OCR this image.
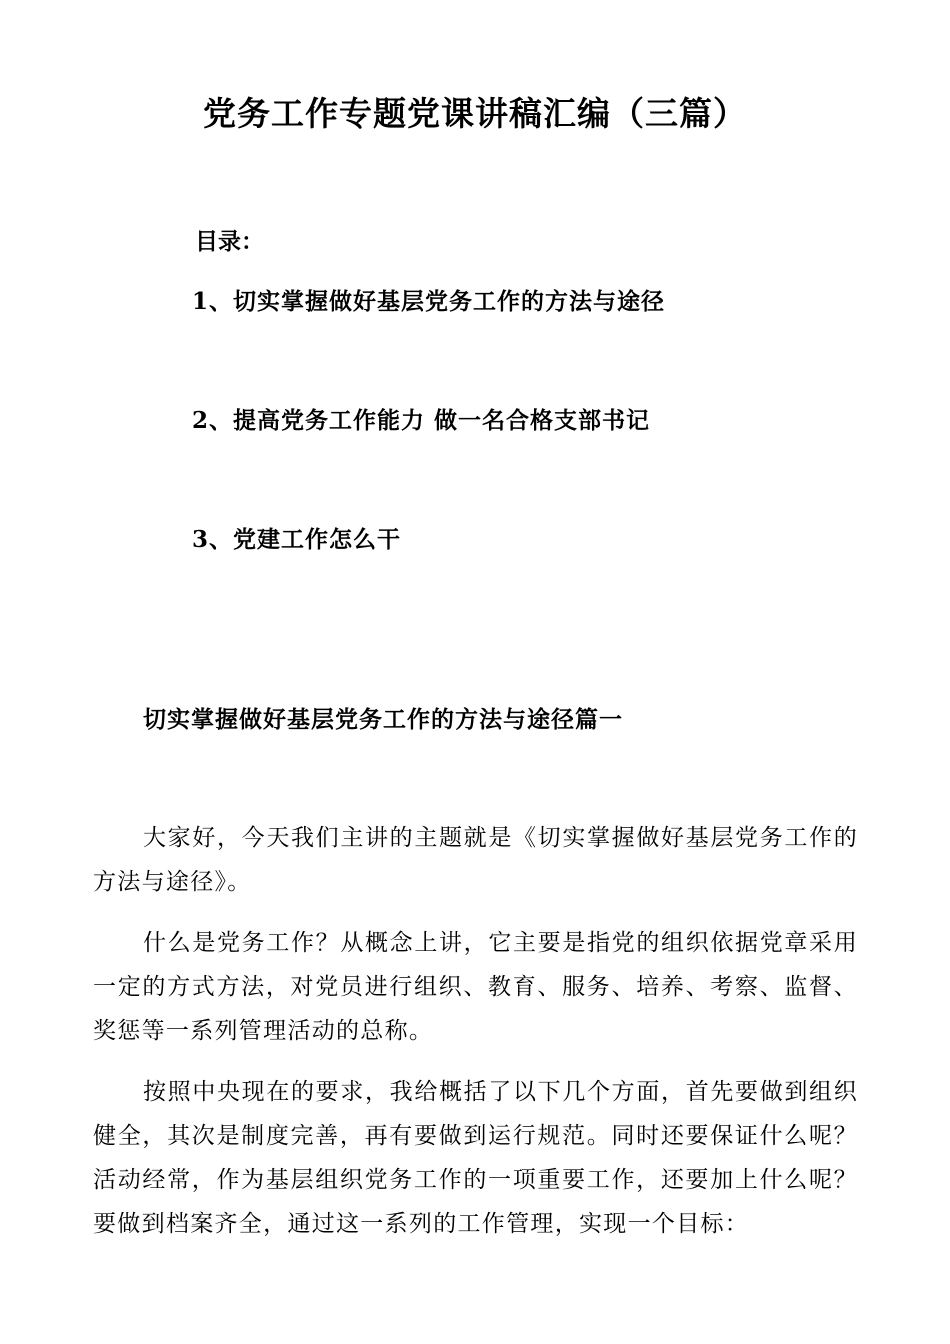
党务工作专题党课讲稿汇编（三篇）

目录：

1、切实掌握做好基层党务工作的方法与途径

2、提高党务工作能力 做一名合格支部书记

3、党建工作怎么干

切实掌握做好基层党务工作的方法与途径篇一

大家好，今天我们主讲的主题就是《切实掌握做好基层党务工作的方法与途径》。

什么是党务工作？从概念上讲，它主要是指党的组织依据党章采用一定的方式方法，对党员进行组织、教育、服务、培养、考察、监督、奖惩等一系列管理活动的总称。

按照中央现在的要求，我给概括了以下几个方面，首先要做到组织健全，其次是制度完善，再有要做到运行规范。同时还要保证什么呢？活动经常，作为基层组织党务工作的一项重要工作，还要加上什么呢？要做到档案齐全，通过这一系列的工作管理，实现一个目标：
